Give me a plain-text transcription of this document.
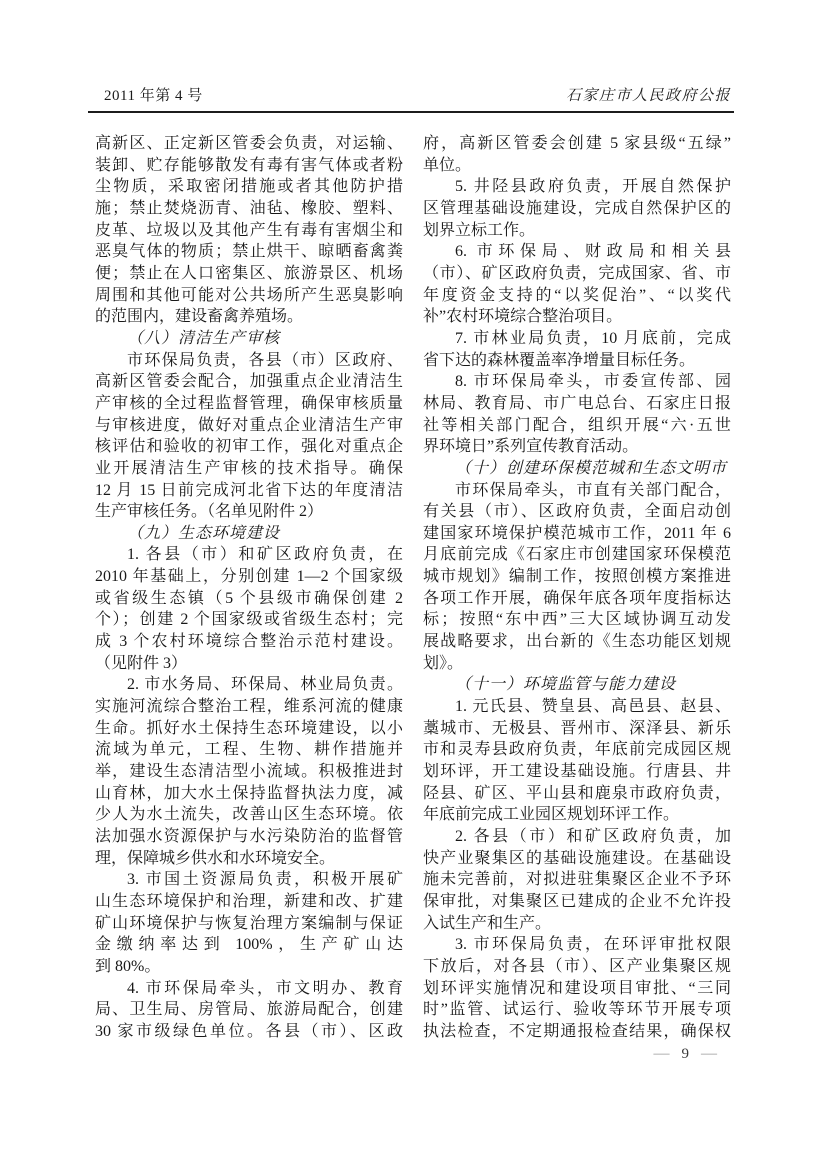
2011 年第 4 号	石家庄市人民政府公报
高新区、正定新区管委会负责，对运输、
装卸、贮存能够散发有毒有害气体或者粉
尘物质，采取密闭措施或者其他防护措
施；禁止焚烧沥青、油毡、橡胶、塑料、
皮革、垃圾以及其他产生有毒有害烟尘和
恶臭气体的物质；禁止烘干、晾晒畜禽粪
便；禁止在人口密集区、旅游景区、机场
周围和其他可能对公共场所产生恶臭影响
的范围内，建设畜禽养殖场。
（八）清洁生产审核
市环保局负责，各县（市）区政府、
高新区管委会配合，加强重点企业清洁生
产审核的全过程监督管理，确保审核质量
与审核进度，做好对重点企业清洁生产审
核评估和验收的初审工作，强化对重点企
业开展清洁生产审核的技术指导。确保
12 月 15 日前完成河北省下达的年度清洁
生产审核任务。（名单见附件 2）
（九）生态环境建设
1. 各县（市）和矿区政府负责，在
2010 年基础上，分别创建 1—2 个国家级
或省级生态镇（5 个县级市确保创建 2
个）；创建 2 个国家级或省级生态村；完
成 3 个农村环境综合整治示范村建设。
（见附件 3）
2. 市水务局、环保局、林业局负责。
实施河流综合整治工程，维系河流的健康
生命。抓好水土保持生态环境建设，以小
流域为单元，工程、生物、耕作措施并
举，建设生态清洁型小流域。积极推进封
山育林，加大水土保持监督执法力度，减
少人为水土流失，改善山区生态环境。依
法加强水资源保护与水污染防治的监督管
理，保障城乡供水和水环境安全。
3. 市国土资源局负责，积极开展矿
山生态环境保护和治理，新建和改、扩建
矿山环境保护与恢复治理方案编制与保证
金缴纳率达到 100%，生产矿山达
到 80%。
4. 市环保局牵头，市文明办、教育
局、卫生局、房管局、旅游局配合，创建
30 家市级绿色单位。各县（市）、区政
府，高新区管委会创建 5 家县级“五绿”
单位。
5. 井陉县政府负责，开展自然保护
区管理基础设施建设，完成自然保护区的
划界立标工作。
6. 市环保局、财政局和相关县
（市）、矿区政府负责，完成国家、省、市
年度资金支持的“以奖促治”、“以奖代
补”农村环境综合整治项目。
7. 市林业局负责，10 月底前，完成
省下达的森林覆盖率净增量目标任务。
8. 市环保局牵头，市委宣传部、园
林局、教育局、市广电总台、石家庄日报
社等相关部门配合，组织开展“六·五世
界环境日”系列宣传教育活动。
（十）创建环保模范城和生态文明市
市环保局牵头，市直有关部门配合，
有关县（市）、区政府负责，全面启动创
建国家环境保护模范城市工作，2011 年 6
月底前完成《石家庄市创建国家环保模范
城市规划》编制工作，按照创模方案推进
各项工作开展，确保年底各项年度指标达
标；按照“东中西”三大区域协调互动发
展战略要求，出台新的《生态功能区划规
划》。
（十一）环境监管与能力建设
1. 元氏县、赞皇县、高邑县、赵县、
藁城市、无极县、晋州市、深泽县、新乐
市和灵寿县政府负责，年底前完成园区规
划环评，开工建设基础设施。行唐县、井
陉县、矿区、平山县和鹿泉市政府负责，
年底前完成工业园区规划环评工作。
2. 各县（市）和矿区政府负责，加
快产业聚集区的基础设施建设。在基础设
施未完善前，对拟进驻集聚区企业不予环
保审批，对集聚区已建成的企业不允许投
入试生产和生产。
3. 市环保局负责，在环评审批权限
下放后，对各县（市）、区产业集聚区规
划环评实施情况和建设项目审批、“三同
时”监管、试运行、验收等环节开展专项
执法检查，不定期通报检查结果，确保权
— 9 —
